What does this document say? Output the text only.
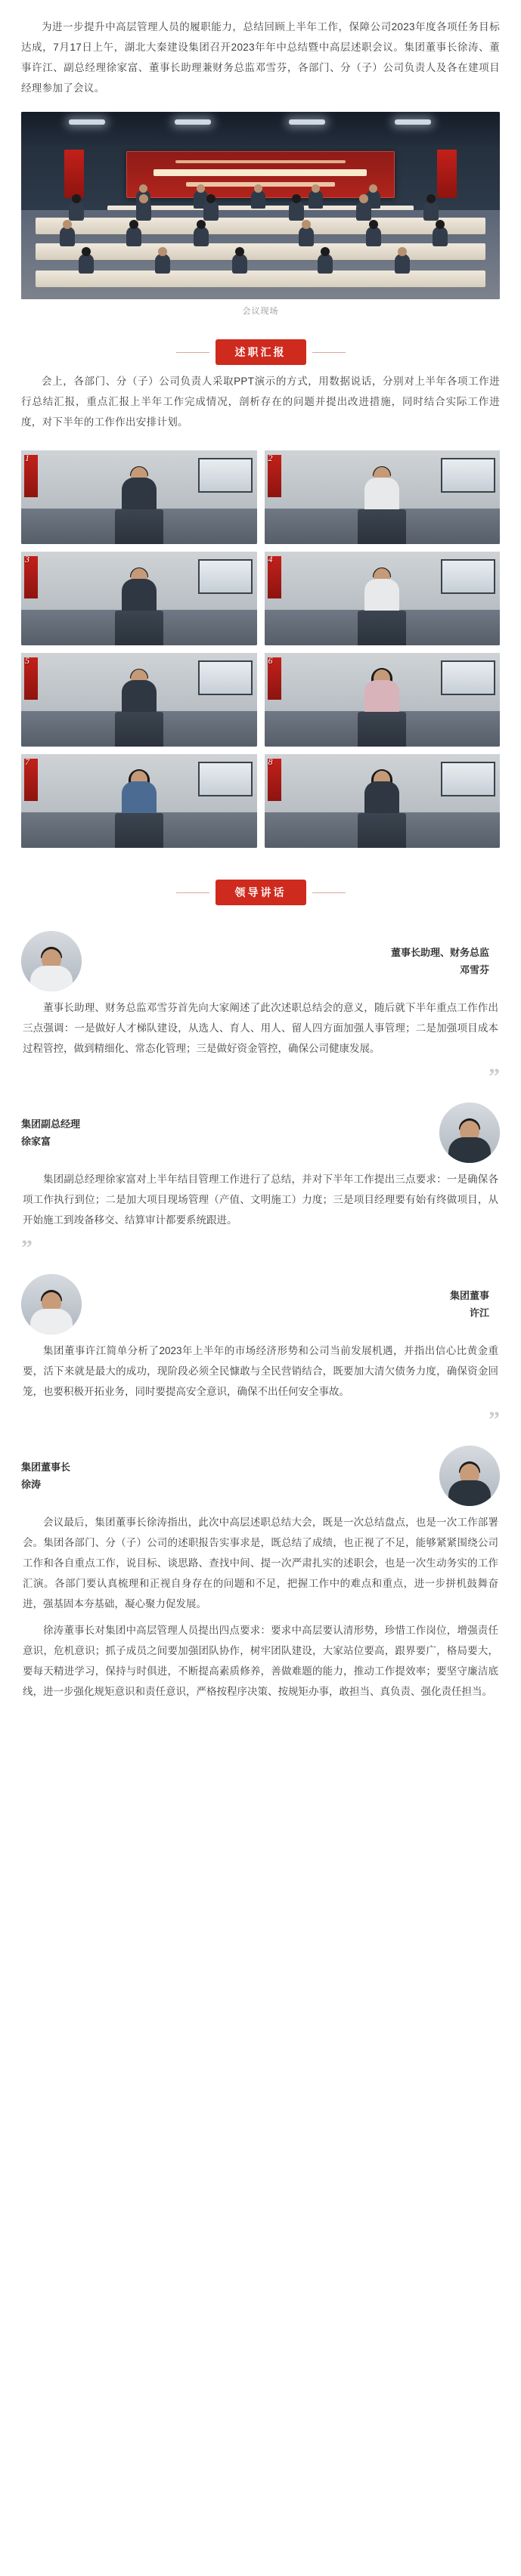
为进一步提升中高层管理人员的履职能力，总结回顾上半年工作，保障公司2023年度各项任务目标达成，7月17日上午，湖北大秦建设集团召开2023年年中总结暨中高层述职会议。集团董事长徐涛、董事许江、副总经理徐家富、董事长助理兼财务总监邓雪芬，各部门、分（子）公司负责人及各在建项目经理参加了会议。

会议现场
述职汇报

会上，各部门、分（子）公司负责人采取PPT演示的方式，用数据说话，分别对上半年各项工作进行总结汇报，重点汇报上半年工作完成情况，剖析存在的问题并提出改进措施，同时结合实际工作进度，对下半年的工作作出安排计划。

1	2
3	4
5	6
7	8
领导讲话
董事长助理、财务总监
邓雪芬

董事长助理、财务总监邓雪芬首先向大家阐述了此次述职总结会的意义，随后就下半年重点工作作出三点强调：一是做好人才梯队建设，从选人、育人、用人、留人四方面加强人事管理；二是加强项目成本过程管控，做到精细化、常态化管理；三是做好资金管控，确保公司健康发展。

”
集团副总经理
徐家富

集团副总经理徐家富对上半年结目管理工作进行了总结，并对下半年工作提出三点要求：一是确保各项工作执行到位；二是加大项目现场管理（产值、文明施工）力度；三是项目经理要有始有终做项目，从开始施工到竣备移交、结算审计都要系统跟进。

”
集团董事
许江

集团董事许江简单分析了2023年上半年的市场经济形势和公司当前发展机遇，并指出信心比黄金重要，活下来就是最大的成功，现阶段必须全民慷敢与全民营销结合，既要加大清欠债务力度，确保资金回笼，也要积极开拓业务，同时要提高安全意识，确保不出任何安全事故。

”
集团董事长
徐涛

会议最后，集团董事长徐涛指出，此次中高层述职总结大会，既是一次总结盘点，也是一次工作部署会。集团各部门、分（子）公司的述职报告实事求是，既总结了成绩，也正视了不足，能够紧紧围绕公司工作和各自重点工作，说目标、谈思路、查找中间、提一次严肃扎实的述职会，也是一次生动务实的工作汇演。各部门要认真梳理和正视自身存在的问题和不足，把握工作中的难点和重点，进一步拼机鼓舞奋进，强基固本夯基础，凝心聚力促发展。

徐涛董事长对集团中高层管理人员提出四点要求：要求中高层要认清形势，珍惜工作岗位，增强责任意识，危机意识；抓子成员之间要加强团队协作，树牢团队建设，大家站位要高，跟界要广，格局要大，要每天精进学习，保持与时俱进，不断提高素质修养，善做难题的能力，推动工作提效率；要坚守廉洁底线，进一步强化规矩意识和责任意识，严格按程序决策、按规矩办事，敢担当、真负责、强化责任担当。
